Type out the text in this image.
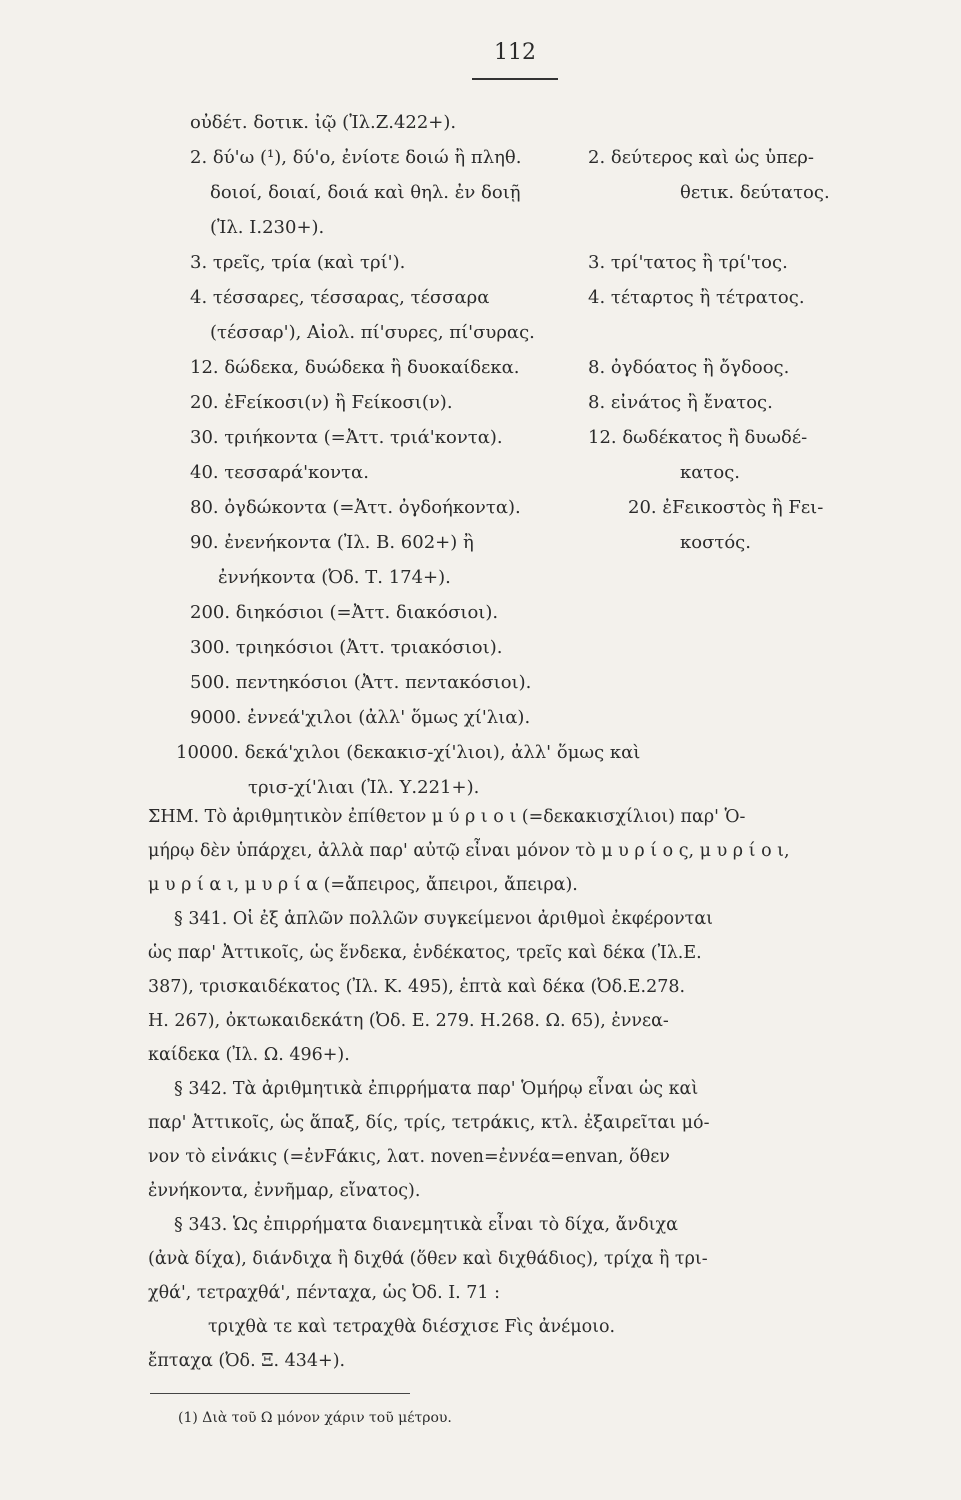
112
οὐδέτ. δοτικ. ἰῷ (Ἰλ.Ζ.422+).
2. δύ'ω (¹), δύ'ο, ἐνίοτε δοιώ ἢ πληθ.	2. δεύτερος καὶ ὡς ὑπερ-
δοιοί, δοιαί, δοιά καὶ θηλ. ἐν δοιῇ	θετικ. δεύτατος.
(Ἰλ. Ι.230+).
3. τρεῖς, τρία (καὶ τρί').	3. τρί'τατος ἢ τρί'τος.
4. τέσσαρες, τέσσαρας, τέσσαρα	4. τέταρτος ἢ τέτρατος.
(τέσσαρ'), Αἰολ. πί'συρες, πί'συρας.
12. δώδεκα, δυώδεκα ἢ δυοκαίδεκα.	8. ὀγδόατος ἢ ὄγδοος.
20. ἐFείκοσι(ν) ἢ Fείκοσι(ν).	8. εἰνάτος ἢ ἔνατος.
30. τριήκοντα (=Ἀττ. τριά'κοντα).	12. δωδέκατος ἢ δυωδέ-
40. τεσσαρά'κοντα.	κατος.
80. ὀγδώκοντα (=Ἀττ. ὀγδοήκοντα).	20. ἐFεικοστὸς ἢ Fει-
90. ἐνενήκοντα (Ἰλ. Β. 602+) ἢ	κοστός.
ἐννήκοντα (Ὀδ. Τ. 174+).
200. διηκόσιοι (=Ἀττ. διακόσιοι).
300. τριηκόσιοι (Ἀττ. τριακόσιοι).
500. πεντηκόσιοι (Ἀττ. πεντακόσιοι).
9000. ἐννεά'χιλοι (ἀλλ' ὅμως χί'λια).
10000. δεκά'χιλοι (δεκακισ-χί'λιοι), ἀλλ' ὅμως καὶ
τρισ-χί'λιαι (Ἰλ. Υ.221+).
ΣΗΜ. Τὸ ἀριθμητικὸν ἐπίθετον μ ύ ρ ι ο ι (=δεκακισχίλιοι) παρ' Ὁ-
μήρῳ δὲν ὑπάρχει, ἀλλὰ παρ' αὐτῷ εἶναι μόνον τὸ μ υ ρ ί ο ς, μ υ ρ ί ο ι,
μ υ ρ ί α ι, μ υ ρ ί α (=ἄπειρος, ἄπειροι, ἄπειρα).
§ 341. Οἱ ἐξ ἁπλῶν πολλῶν συγκείμενοι ἀριθμοὶ ἐκφέρονται
ὡς παρ' Ἀττικοῖς, ὡς ἕνδεκα, ἑνδέκατος, τρεῖς καὶ δέκα (Ἰλ.Ε.
387), τρισκαιδέκατος (Ἰλ. Κ. 495), ἑπτὰ καὶ δέκα (Ὀδ.Ε.278.
Η. 267), ὀκτωκαιδεκάτη (Ὀδ. Ε. 279. Η.268. Ω. 65), ἐννεα-
καίδεκα (Ἰλ. Ω. 496+).
§ 342. Τὰ ἀριθμητικὰ ἐπιρρήματα παρ' Ὁμήρῳ εἶναι ὡς καὶ
παρ' Ἀττικοῖς, ὡς ἅπαξ, δίς, τρίς, τετράκις, κτλ. ἐξαιρεῖται μό-
νον τὸ εἰνάκις (=ἐνFάκις, λατ. noven=ἐννέα=envan, ὅθεν
ἐννήκοντα, ἐννῆμαρ, εἴνατος).
§ 343. Ὡς ἐπιρρήματα διανεμητικὰ εἶναι τὸ δίχα, ἄνδιχα
(ἀνὰ δίχα), διάνδιχα ἢ διχθά (ὅθεν καὶ διχθάδιος), τρίχα ἢ τρι-
χθά', τετραχθά', πένταχα, ὡς Ὀδ. Ι. 71 :
τριχθὰ τε καὶ τετραχθὰ διέσχισε Fὶς ἀνέμοιο.
ἔπταχα (Ὀδ. Ξ. 434+).
(1) Διὰ τοῦ Ω μόνον χάριν τοῦ μέτρου.
